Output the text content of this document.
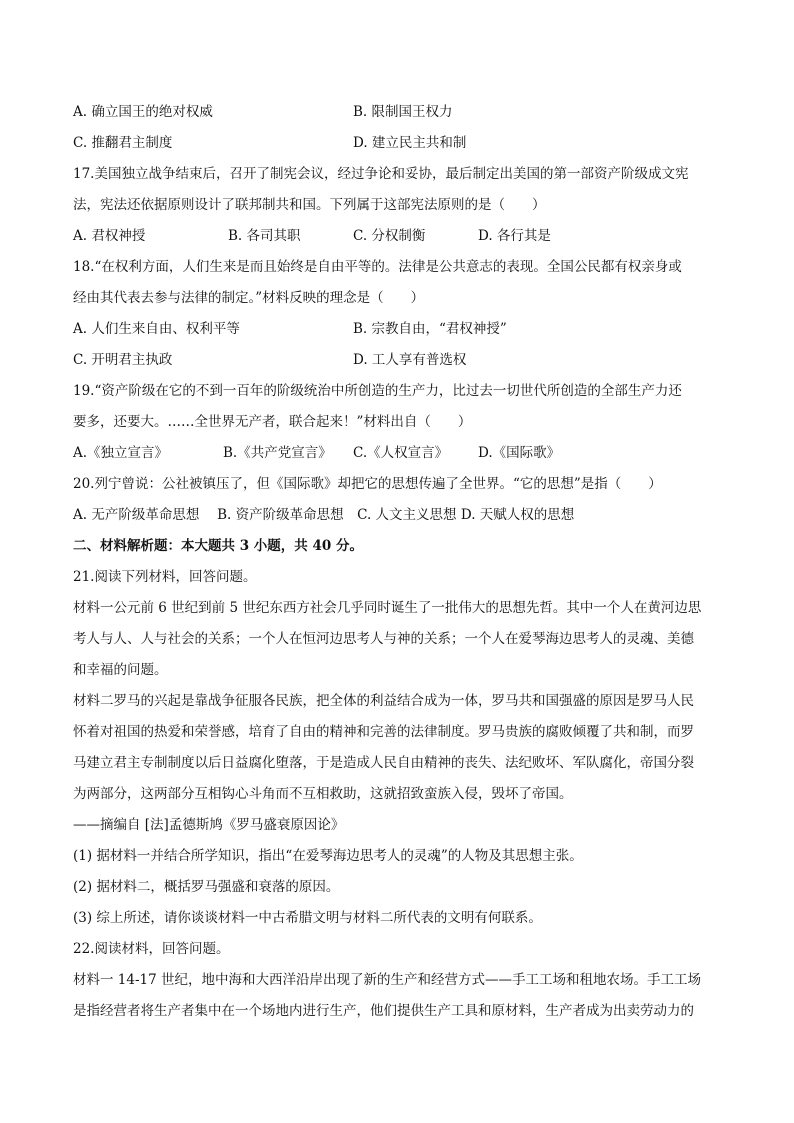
A. 确立国王的绝对权威	B. 限制国王权力
C. 推翻君主制度	D. 建立民主共和制
17.美国独立战争结束后，召开了制宪会议，经过争论和妥协，最后制定出美国的第一部资产阶级成文宪
法，宪法还依据原则设计了联邦制共和国。下列属于这部宪法原则的是（　　）
A. 君权神授	B. 各司其职	C. 分权制衡	D. 各行其是
18.“在权利方面，人们生来是而且始终是自由平等的。法律是公共意志的表现。全国公民都有权亲身或
经由其代表去参与法律的制定。”材料反映的理念是（　　）
A. 人们生来自由、权利平等	B. 宗教自由，“君权神授”
C. 开明君主执政	D. 工人享有普选权
19.“资产阶级在它的不到一百年的阶级统治中所创造的生产力，比过去一切世代所创造的全部生产力还
要多，还要大。……全世界无产者，联合起来！”材料出自（　　）
A.《独立宣言》	B.《共产党宣言》 C.《人权宣言》 D.《国际歌》
20.列宁曾说：公社被镇压了，但《国际歌》却把它的思想传遍了全世界。“它的思想”是指（　　）
A. 无产阶级革命思想　 B. 资产阶级革命思想　C. 人文主义思想 D. 天赋人权的思想
二、材料解析题：本大题共 3 小题，共 40 分。
21.阅读下列材料，回答问题。
材料一公元前 6 世纪到前 5 世纪东西方社会几乎同时诞生了一批伟大的思想先哲。其中一个人在黄河边思
考人与人、人与社会的关系；一个人在恒河边思考人与神的关系；一个人在爱琴海边思考人的灵魂、美德
和幸福的问题。
材料二罗马的兴起是靠战争征服各民族，把全体的利益结合成为一体，罗马共和国强盛的原因是罗马人民
怀着对祖国的热爱和荣誉感，培育了自由的精神和完善的法律制度。罗马贵族的腐败倾覆了共和制，而罗
马建立君主专制制度以后日益腐化堕落，于是造成人民自由精神的丧失、法纪败坏、军队腐化，帝国分裂
为两部分，这两部分互相钩心斗角而不互相救助，这就招致蛮族入侵，毁坏了帝国。
——摘编自 [法]孟德斯鸠《罗马盛衰原因论》
(1) 据材料一并结合所学知识，指出“在爱琴海边思考人的灵魂”的人物及其思想主张。
(2) 据材料二，概括罗马强盛和衰落的原因。
(3) 综上所述，请你谈谈材料一中古希腊文明与材料二所代表的文明有何联系。
22.阅读材料，回答问题。
材料一 14-17 世纪，地中海和大西洋沿岸出现了新的生产和经营方式——手工工场和租地农场。手工工场
是指经营者将生产者集中在一个场地内进行生产，他们提供生产工具和原材料，生产者成为出卖劳动力的
